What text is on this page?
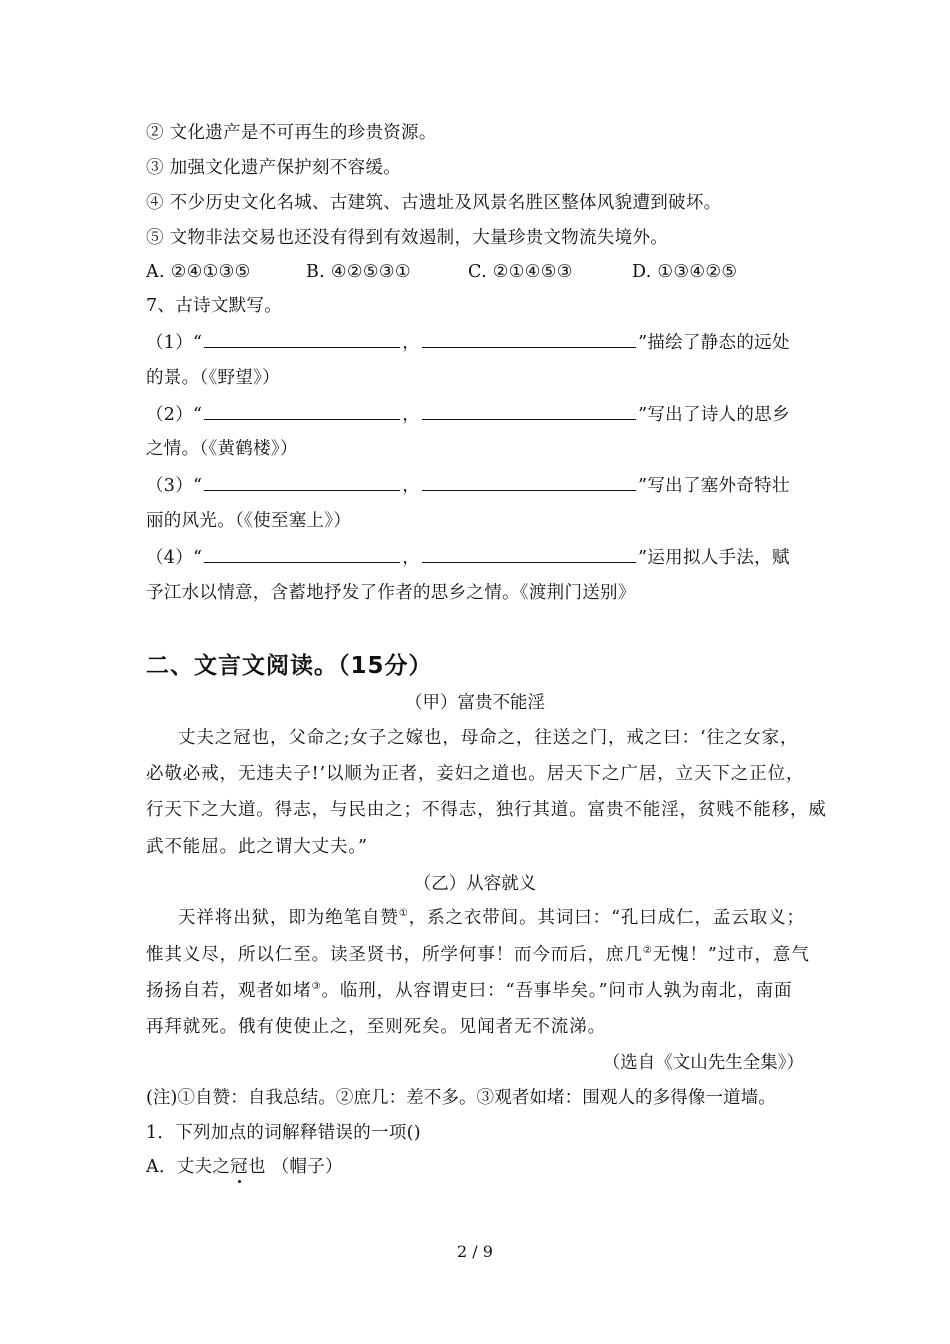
② 文化遗产是不可再生的珍贵资源。
③ 加强文化遗产保护刻不容缓。
④ 不少历史文化名城、古建筑、古遗址及风景名胜区整体风貌遭到破坏。
⑤ 文物非法交易也还没有得到有效遏制，大量珍贵文物流失境外。
A. ②④①③⑤	B. ④②⑤③①	C. ②①④⑤③	D. ①③④②⑤
7、古诗文默写。
（1）“	，	”描绘了静态的远处
的景。（《野望》）
（2）“	，	”写出了诗人的思乡
之情。（《黄鹤楼》）
（3）“	，	”写出了塞外奇特壮
丽的风光。（《使至塞上》）
（4）“	，	”运用拟人手法，赋
予江水以情意，含蓄地抒发了作者的思乡之情。《渡荆门送别》
二、文言文阅读。（15分）
（甲）富贵不能淫
丈夫之冠也，父命之;女子之嫁也，母命之，往送之门，戒之曰：‘往之女家，
必敬必戒，无违夫子!’以顺为正者，妾妇之道也。居天下之广居，立天下之正位，
行天下之大道。得志，与民由之；不得志，独行其道。富贵不能淫，贫贱不能移，威
武不能屈。此之谓大丈夫。”
（乙）从容就义
天祥将出狱，即为绝笔自赞①，系之衣带间。其词曰：“孔曰成仁，孟云取义；
惟其义尽，所以仁至。读圣贤书，所学何事！而今而后，庶几②无愧！”过市，意气
扬扬自若，观者如堵③。临刑，从容谓吏曰：“吾事毕矣。”问市人孰为南北，南面
再拜就死。俄有使使止之，至则死矣。见闻者无不流涕。
（选自《文山先生全集》）
(注)①自赞：自我总结。②庶几：差不多。③观者如堵：围观人的多得像一道墙。
1．下列加点的词解释错误的一项()
A．丈夫之冠也 （帽子）
2 / 9
